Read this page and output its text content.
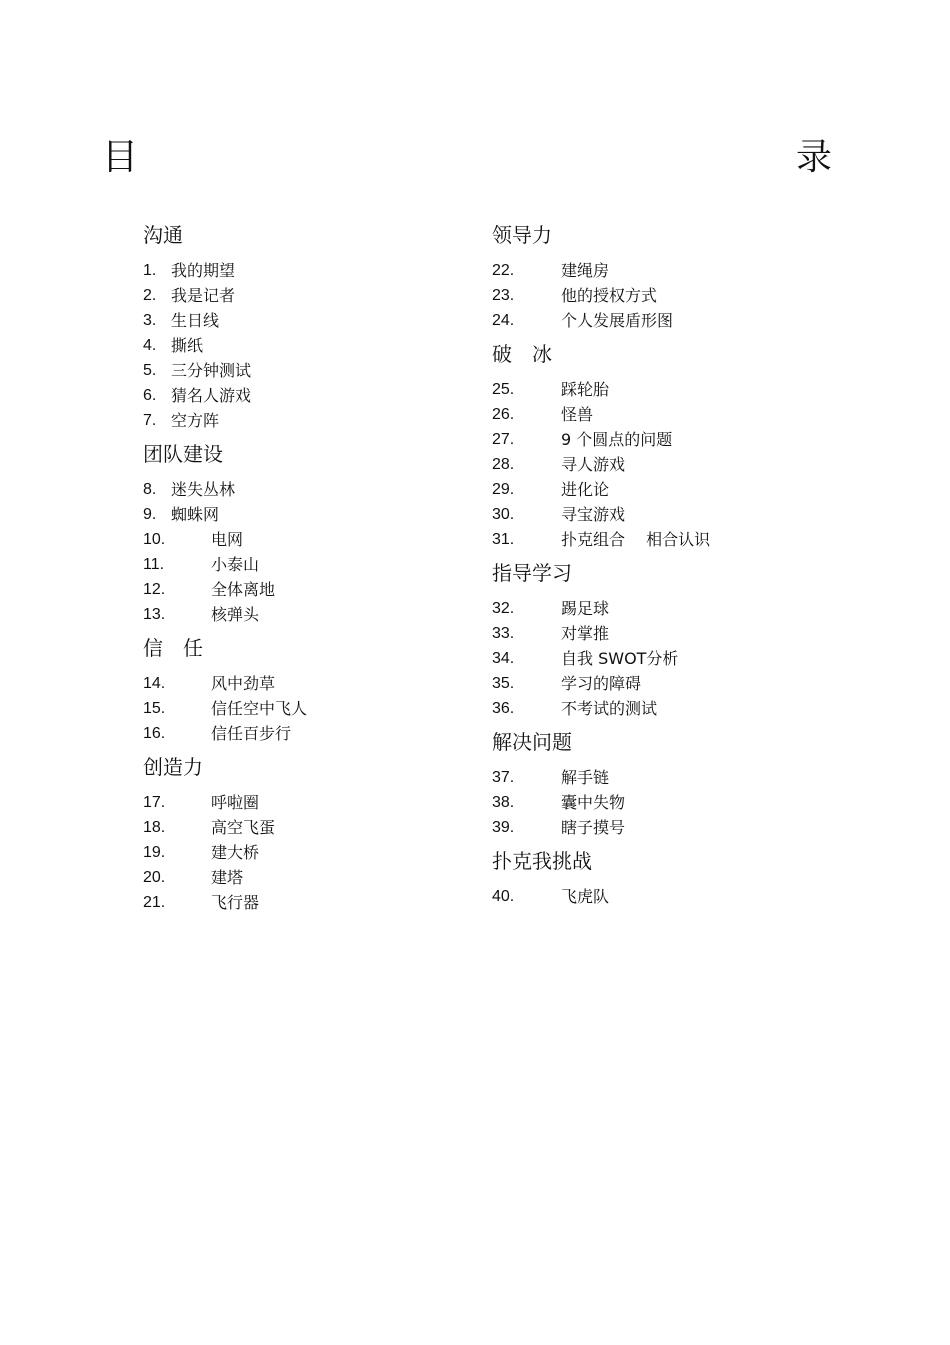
目	录
沟通
1. 我的期望
2. 我是记者
3. 生日线
4. 撕纸
5. 三分钟测试
6. 猜名人游戏
7. 空方阵
团队建设
8. 迷失丛林
9. 蜘蛛网
10.	电网
11.	小泰山
12.	全体离地
13.	核弹头
信　任
14.	风中劲草
15.	信任空中飞人
16.	信任百步行
创造力
17.	呼啦圈
18.	高空飞蛋
19.	建大桥
20.	建塔
21.	飞行器
领导力
22.	建绳房
23.	他的授权方式
24.	个人发展盾形图
破　冰
25.	踩轮胎
26.	怪兽
27.	9 个圆点的问题
28.	寻人游戏
29.	进化论
30.	寻宝游戏
31.	扑克组合　 相合认识
指导学习
32.	踢足球
33.	对掌推
34.	自我 SWOT分析
35.	学习的障碍
36.	不考试的测试
解决问题
37.	解手链
38.	囊中失物
39.	瞎子摸号
扑克我挑战
40.	飞虎队
